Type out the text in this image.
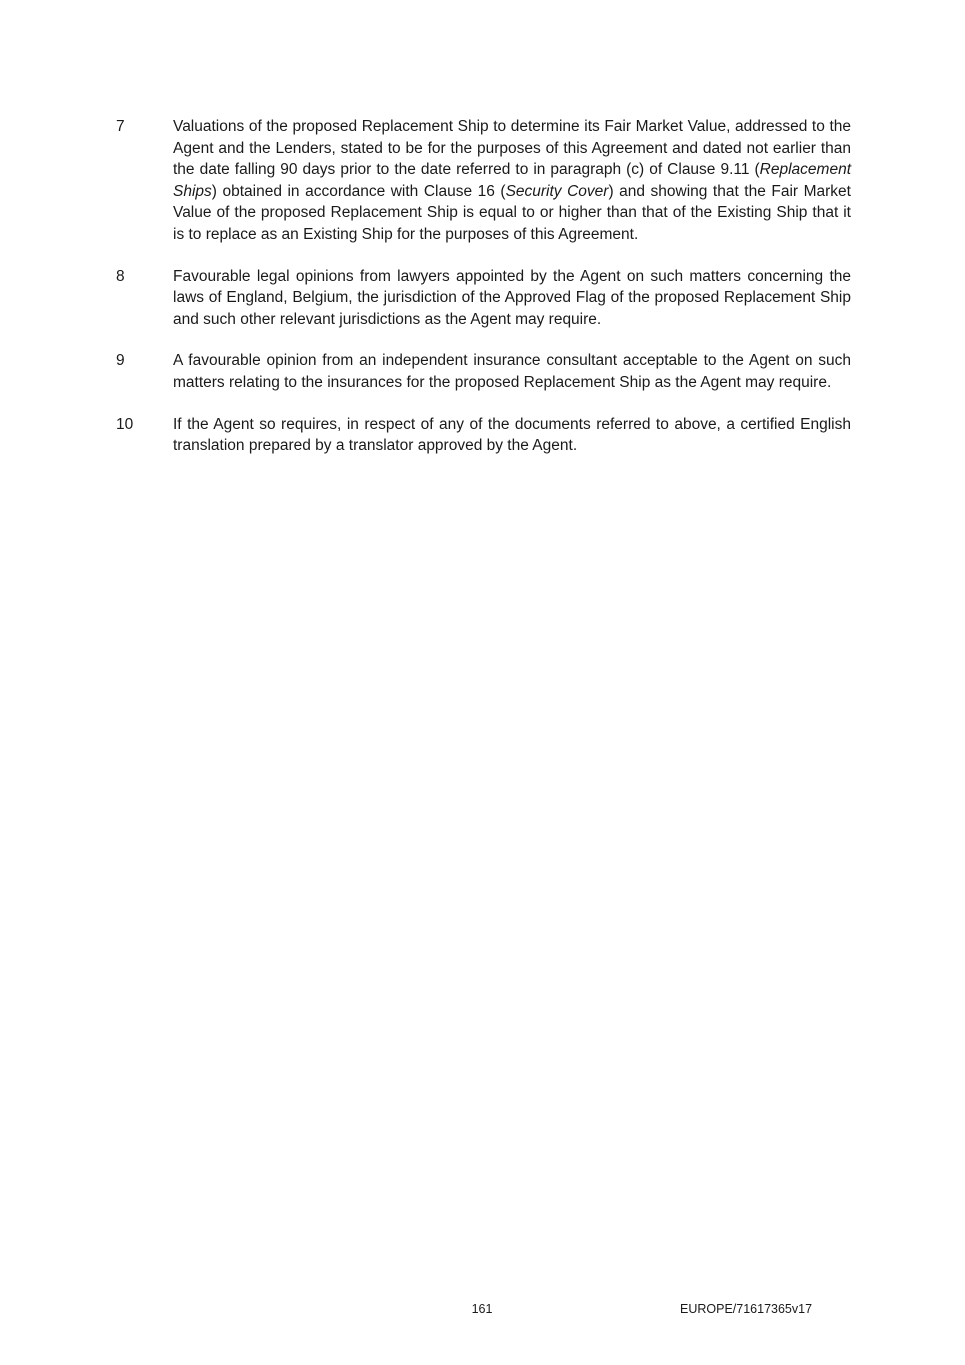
7	Valuations of the proposed Replacement Ship to determine its Fair Market Value, addressed to the Agent and the Lenders, stated to be for the purposes of this Agreement and dated not earlier than the date falling 90 days prior to the date referred to in paragraph (c) of Clause 9.11 (Replacement Ships) obtained in accordance with Clause 16 (Security Cover) and showing that the Fair Market Value of the proposed Replacement Ship is equal to or higher than that of the Existing Ship that it is to replace as an Existing Ship for the purposes of this Agreement.
8	Favourable legal opinions from lawyers appointed by the Agent on such matters concerning the laws of England, Belgium, the jurisdiction of the Approved Flag of the proposed Replacement Ship and such other relevant jurisdictions as the Agent may require.
9	A favourable opinion from an independent insurance consultant acceptable to the Agent on such matters relating to the insurances for the proposed Replacement Ship as the Agent may require.
10	If the Agent so requires, in respect of any of the documents referred to above, a certified English translation prepared by a translator approved by the Agent.
161	EUROPE/71617365v17
